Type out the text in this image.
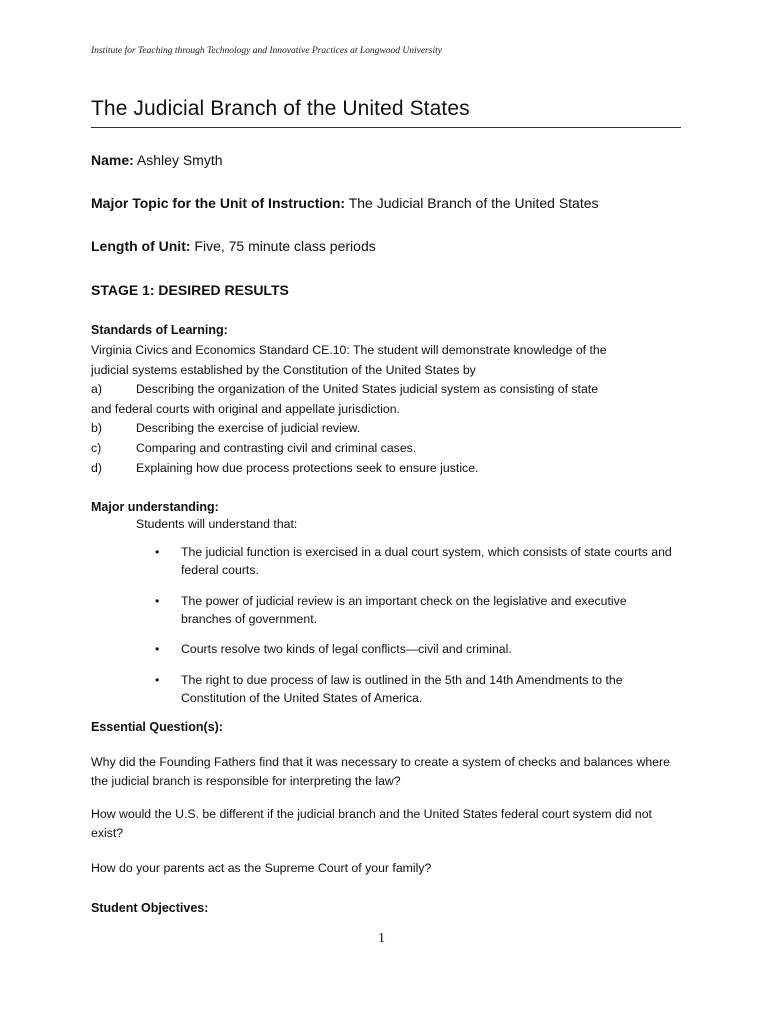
Institute for Teaching through Technology and Innovative Practices at Longwood University
The Judicial Branch of the United States
Name: Ashley Smyth
Major Topic for the Unit of Instruction: The Judicial Branch of the United States
Length of Unit: Five, 75 minute class periods
STAGE 1: DESIRED RESULTS
Standards of Learning:
Virginia Civics and Economics Standard CE.10: The student will demonstrate knowledge of the
judicial systems established by the Constitution of the United States by
a)	Describing the organization of the United States judicial system as consisting of state
and federal courts with original and appellate jurisdiction.
b)	Describing the exercise of judicial review.
c)	Comparing and contrasting civil and criminal cases.
d)	Explaining how due process protections seek to ensure justice.
Major understanding:
Students will understand that:
• The judicial function is exercised in a dual court system, which consists of state courts and federal courts.
• The power of judicial review is an important check on the legislative and executive branches of government.
• Courts resolve two kinds of legal conflicts—civil and criminal.
• The right to due process of law is outlined in the 5th and 14th Amendments to the Constitution of the United States of America.
Essential Question(s):

Why did the Founding Fathers find that it was necessary to create a system of checks and balances where the judicial branch is responsible for interpreting the law?

How would the U.S. be different if the judicial branch and the United States federal court system did not exist?

How do your parents act as the Supreme Court of your family?

Student Objectives:
1
